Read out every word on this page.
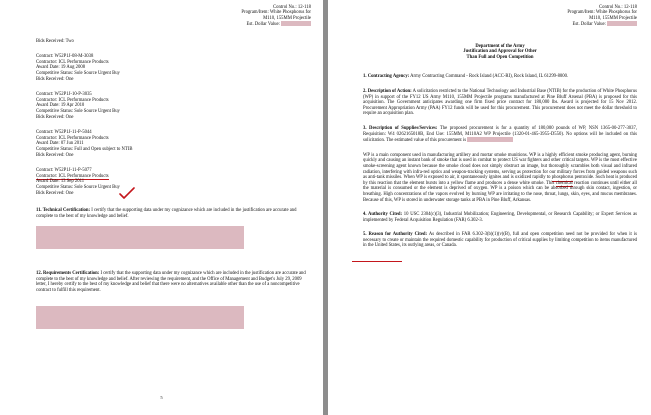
Control No.: 12-118

Program/Item: White Phosphorus for

M110, 155MM Projectile

Est. Dollar Value:

Bids Received: Two

Contract: W52P1J-08-M-3038

Contractor: ICL Performance Products

Award Date: 19 Aug 2008

Competitive Status: Sole Source Urgent Buy

Bids Received: One

Contract: W52P1J-10-P-3035

Contractor: ICL Performance Products

Award Date: 19 Apr 2010

Competitive Status: Sole Source Urgent Buy

Bids Received: One

Contract: W52P1J-11-P-5044

Contractor: ICL Performance Products

Award Date: 07 Jun 2011

Competitive Status: Full and Open subject to NTIB

Bids Received: One

Contract: W52P1J-11-P-5077

Contractor: ICL Performance Products

Award Date: 13 Sep 2011

Competitive Status: Sole Source Urgent Buy

Bids Received: One

11. Technical Certification: I certify that the supporting data under my cognizance which are included in the justification are accurate and complete to the best of my knowledge and belief.

12. Requirements Certification: I certify that the supporting data under my cognizance which are included in the justification are accurate and complete to the best of my knowledge and belief. After reviewing the requirement, and the Office of Management and Budget's July 29, 2009 letter, I hereby certify to the best of my knowledge and belief that there were no alternatives available other than the use of a noncompetitive contract to fulfill this requirement.

5

Control No.: 12-118

Program/Item: White Phosphorus for

M110, 155MM Projectile

Est. Dollar Value:

Department of the Army

Justification and Approval for Other

Than Full and Open Competition

1. Contracting Agency: Army Contracting Command - Rock Island (ACC-RI), Rock Island, IL 61299-8000.

2. Description of Action: A solicitation restricted to the National Technology and Industrial Base (NTIB) for the production of White Phosphorus (WP) in support of the FY12 US Army M110, 155MM Projectile programs manufactured at Pine Bluff Arsenal (PBA) is proposed for this acquisition. The Government anticipates awarding one firm fixed price contract for 180,000 lbs. Award is projected for 15 Nov 2012. Procurement Appropriation Army (PAA) FY12 funds will be used for this procurement. This procurement does not meet the dollar threshold to require an acquisition plan.

3. Description of Supplies/Services: The proposed procurement is for a quantity of 180,000 pounds of WP, NSN 1365-00-277-3037, Requisition: W4 0262165018B, End Use: 155MM, M110A2 WP Projectile (1320-01-465-3955-D550). No options will be included on this solicitation. The estimated value of this procurement is

WP is a main component used in manufacturing artillery and mortar smoke munitions. WP is a highly efficient smoke producing agent, burning quickly and causing an instant bank of smoke that is used in combat to protect US war fighters and other critical targets. WP is the most effective smoke-screening agent known because the smoke cloud does not simply obstruct an image, but thoroughly scrambles both visual and infrared radiation, interfering with infra-red optics and weapon-tracking systems, serving as protection for our military forces from guided weapons such as anti-tank missiles. When WP is exposed to air, it spontaneously ignites and is oxidized rapidly to phosphorus pentoxide. Such heat is produced by this reaction that the element bursts into a yellow flame and produces a dense white smoke. This chemical reaction continues until either all the material is consumed or the element is deprived of oxygen. WP is a poison which can be absorbed through skin contact, ingestion, or breathing. High concentrations of the vapors evolved by burning WP are irritating to the nose, throat, lungs, skin, eyes, and mucus membranes. Because of this, WP is stored in underwater storage tanks at PBA in Pine Bluff, Arkansas.

4. Authority Cited: 10 USC 2304(c)(3), Industrial Mobilization; Engineering, Developmental, or Research Capability; or Expert Services as implemented by Federal Acquisition Regulation (FAR) 6.302-3.

5. Reason for Authority Cited: As described in FAR 6.302-3(b)(1)(v)(B), full and open competition need not be provided for when it is necessary to create or maintain the required domestic capability for production of critical supplies by limiting competition to items manufactured in the United States, its outlying areas, or Canada.
